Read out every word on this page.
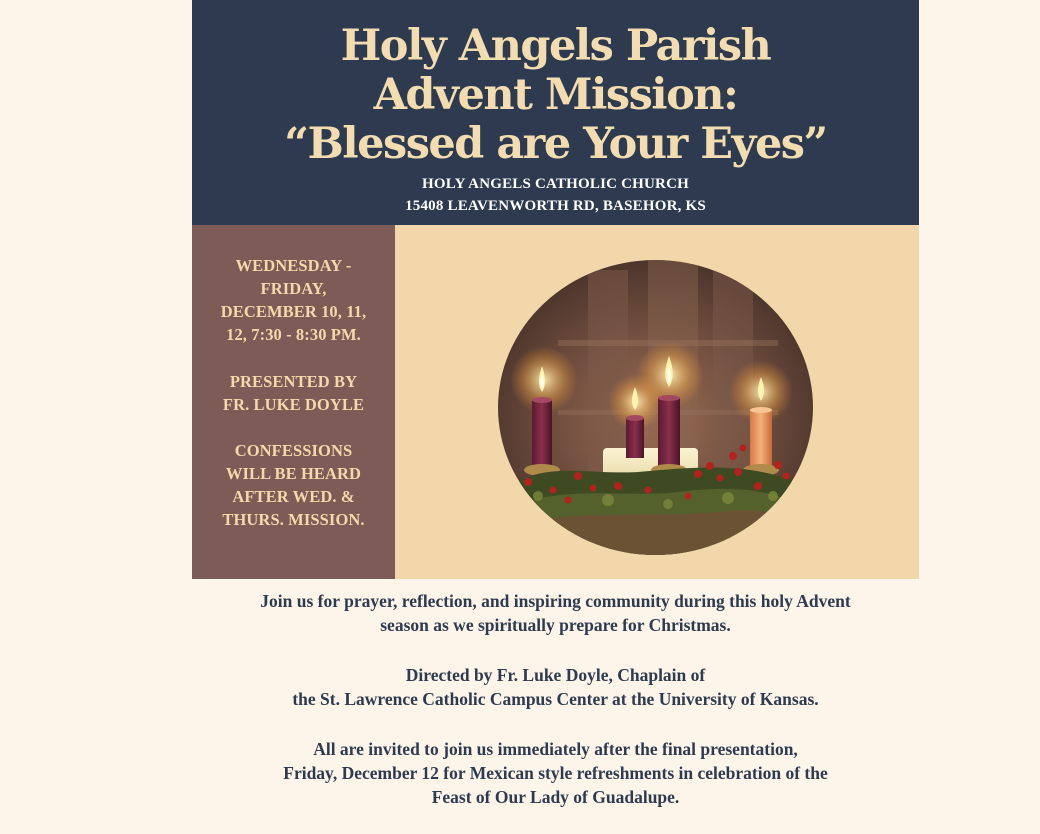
Holy Angels Parish
Advent Mission:
“Blessed are Your Eyes”
HOLY ANGELS CATHOLIC CHURCH
15408 LEAVENWORTH RD, BASEHOR, KS

WEDNESDAY -

FRIDAY,

DECEMBER 10, 11,

12, 7:30 - 8:30 PM.

PRESENTED BY

FR. LUKE DOYLE

CONFESSIONS

WILL BE HEARD

AFTER WED. &

THURS. MISSION.

Join us for prayer, reflection, and inspiring community during this holy Advent

season as we spiritually prepare for Christmas.

Directed by Fr. Luke Doyle, Chaplain of

the St. Lawrence Catholic Campus Center at the University of Kansas.

All are invited to join us immediately after the final presentation,

Friday, December 12 for Mexican style refreshments in celebration of the

Feast of Our Lady of Guadalupe.
